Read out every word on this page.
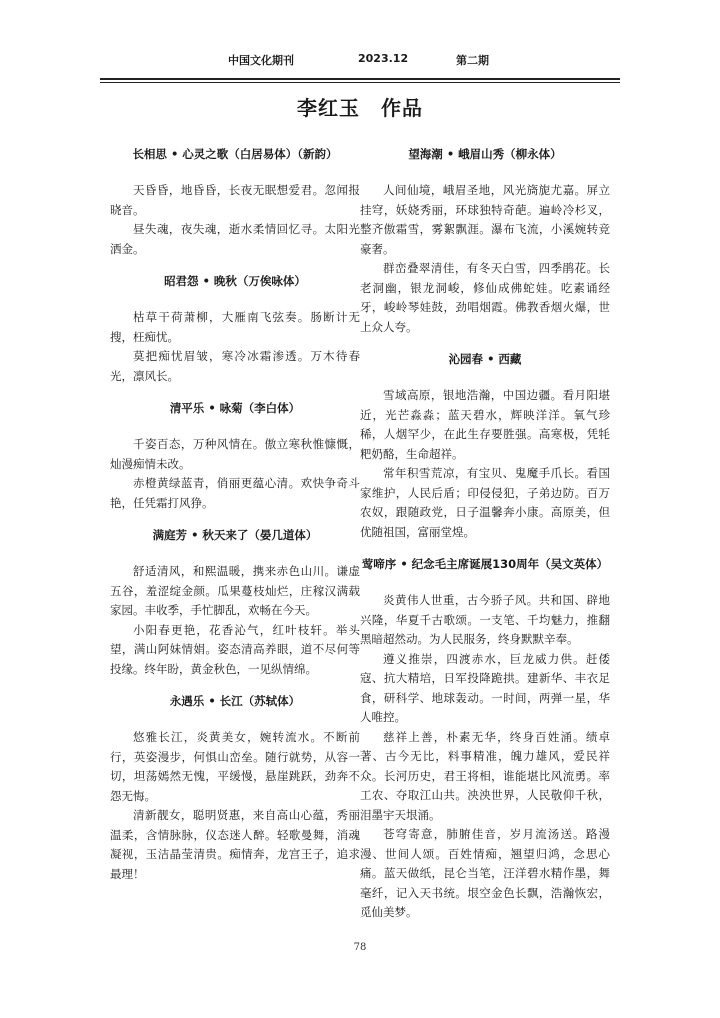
中国文化期刊	2023.12	第二期
李红玉　作品
长相思 • 心灵之歌（白居易体）（新韵）

天昏昏，地昏昏，长夜无眠想爱君。忽闻报晓音。

昼失魂，夜失魂，逝水柔情回忆寻。太阳光洒金。

昭君怨 • 晚秋（万俟咏体）

枯草干荷萧柳，大雁南飞弦奏。肠断计无搜，枉痴忧。

莫把痴忧眉皱，寒冷冰霜渗透。万木待春光，凛风长。

清平乐 • 咏菊（李白体）

千姿百态，万种风情在。傲立寒秋惟慷慨，灿漫痴情未改。

赤橙黄绿蓝青，俏丽更蕴心清。欢快争奇斗艳，任凭霜打风狰。

满庭芳 • 秋天来了（晏几道体）

舒适清风，和熙温暖，携来赤色山川。谦虚五谷，羞涩绽金颜。瓜果蔓枝灿烂，庄稼汉满载家园。丰收季，手忙脚乱，欢畅在今天。

小阳春更艳，花香沁气，红叶枝轩。举头望，满山阿妹情娟。姿态清高养眼，道不尽何等投缘。终年盼，黄金秋色，一见纵情绵。

永遇乐 • 长江（苏轼体）

悠雅长江，炎黄美女，婉转流水。不断前行，英姿漫步，何惧山峦垒。随行就势，从容一切，坦荡嫣然无愧，平缓慢，悬崖跳跃，劲奔不怨无悔。

清新靓女，聪明贤惠，来自高山心蕴，秀丽温柔，含情脉脉，仪态迷人醉。轻歌曼舞，消魂凝视，玉洁晶莹清贵。痴情奔，龙宫王子，追求最理！

望海潮 • 峨眉山秀（柳永体）

人间仙境，峨眉圣地，风光旖旎尤嘉。屏立挂穹，妖娆秀丽，环球独特奇葩。遍岭冷杉叉，整齐傲霜雪，雾絮飘涯。瀑布飞流，小溪婉转竞豪奢。

群峦叠翠清佳，有冬天白雪，四季鹃花。长老洞幽，银龙洞峻，修仙成佛蛇娃。吃素诵经牙，峻岭琴娃鼓，劲唱烟霞。佛教香烟火爆，世上众人夸。

沁园春 • 西藏

雪域高原，银地浩瀚，中国边疆。看月阳堪近，光芒淼淼；蓝天碧水，辉映洋洋。氧气珍稀，人烟罕少，在此生存要胜强。高寒极，凭牦粑奶酪，生命超祥。

常年积雪荒凉，有宝贝、鬼魔手爪长。看国家维护，人民后盾；印侵侵犯，子弟边防。百万农奴，跟随政党，日子温馨奔小康。高原美，但优随祖国，富丽堂煌。

莺啼序 • 纪念毛主席诞展130周年（吴文英体）

炎黄伟人世重，古今骄子风。共和国、辟地兴隆，华夏千古歌颂。一支笔、千均魅力，推翻黑暗超然动。为人民服务，终身默默辛奉。

遵义推崇，四渡赤水，巨龙威力供。赶倭寇、抗大精培，日军投降跪拱。建新华、丰衣足食，研科学、地球轰动。一时间，两弹一星，华人唯控。

慈祥上善，朴素无华，终身百姓涌。绩卓著、古今无比，料事精准，魄力雄风，爱民祥众。长河历史，君王将相，谁能堪比风流勇。率工农、夺取江山共。泱泱世界，人民敬仰千秋，泪墨宇天垠涌。

苍穹寄意，肺腑佳音，岁月流汤送。路漫漫、世间人颂。百姓情痴，翘望归鸿，念思心痛。蓝天做纸，昆仑当笔，汪洋碧水精作墨，舞毫纤，记入天书统。垠空金色长飘，浩瀚恢宏，觅仙美梦。

78
